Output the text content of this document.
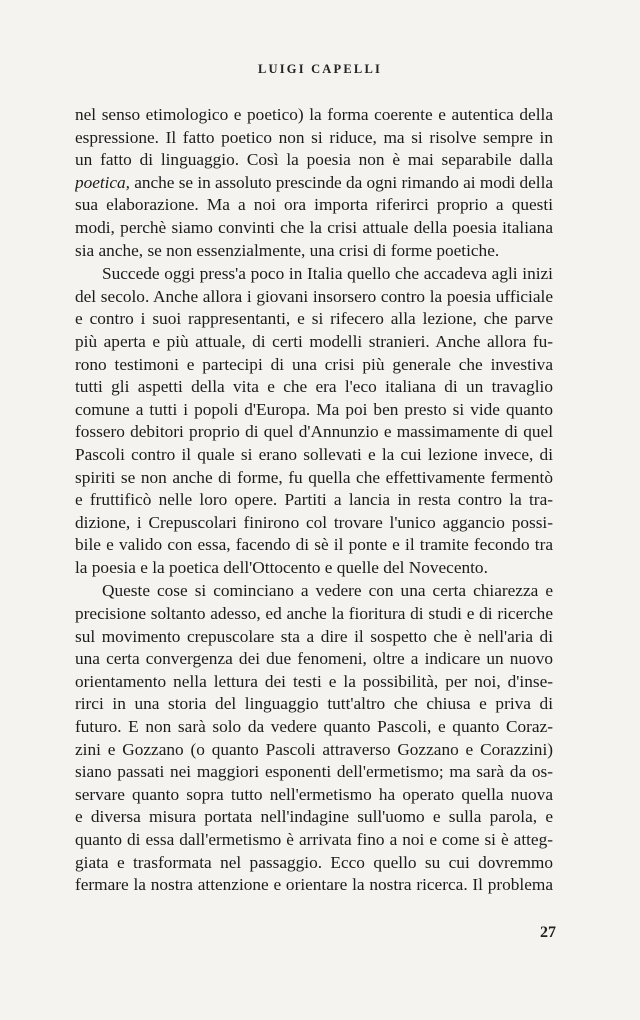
LUIGI CAPELLI
nel senso etimologico e poetico) la forma coerente e autentica della
espressione. Il fatto poetico non si riduce, ma si risolve sempre in
un fatto di linguaggio. Così la poesia non è mai separabile dalla
poetica, anche se in assoluto prescinde da ogni rimando ai modi della
sua elaborazione. Ma a noi ora importa riferirci proprio a questi
modi, perchè siamo convinti che la crisi attuale della poesia italiana
sia anche, se non essenzialmente, una crisi di forme poetiche.
Succede oggi press'a poco in Italia quello che accadeva agli inizi
del secolo. Anche allora i giovani insorsero contro la poesia ufficiale
e contro i suoi rappresentanti, e si rifecero alla lezione, che parve
più aperta e più attuale, di certi modelli stranieri. Anche allora fu-
rono testimoni e partecipi di una crisi più generale che investiva
tutti gli aspetti della vita e che era l'eco italiana di un travaglio
comune a tutti i popoli d'Europa. Ma poi ben presto si vide quanto
fossero debitori proprio di quel d'Annunzio e massimamente di quel
Pascoli contro il quale si erano sollevati e la cui lezione invece, di
spiriti se non anche di forme, fu quella che effettivamente fermentò
e fruttificò nelle loro opere. Partiti a lancia in resta contro la tra-
dizione, i Crepuscolari finirono col trovare l'unico aggancio possi-
bile e valido con essa, facendo di sè il ponte e il tramite fecondo tra
la poesia e la poetica dell'Ottocento e quelle del Novecento.
Queste cose si cominciano a vedere con una certa chiarezza e
precisione soltanto adesso, ed anche la fioritura di studi e di ricerche
sul movimento crepuscolare sta a dire il sospetto che è nell'aria di
una certa convergenza dei due fenomeni, oltre a indicare un nuovo
orientamento nella lettura dei testi e la possibilità, per noi, d'inse-
rirci in una storia del linguaggio tutt'altro che chiusa e priva di
futuro. E non sarà solo da vedere quanto Pascoli, e quanto Coraz-
zini e Gozzano (o quanto Pascoli attraverso Gozzano e Corazzini)
siano passati nei maggiori esponenti dell'ermetismo; ma sarà da os-
servare quanto sopra tutto nell'ermetismo ha operato quella nuova
e diversa misura portata nell'indagine sull'uomo e sulla parola, e
quanto di essa dall'ermetismo è arrivata fino a noi e come si è atteg-
giata e trasformata nel passaggio. Ecco quello su cui dovremmo
fermare la nostra attenzione e orientare la nostra ricerca. Il problema
27
